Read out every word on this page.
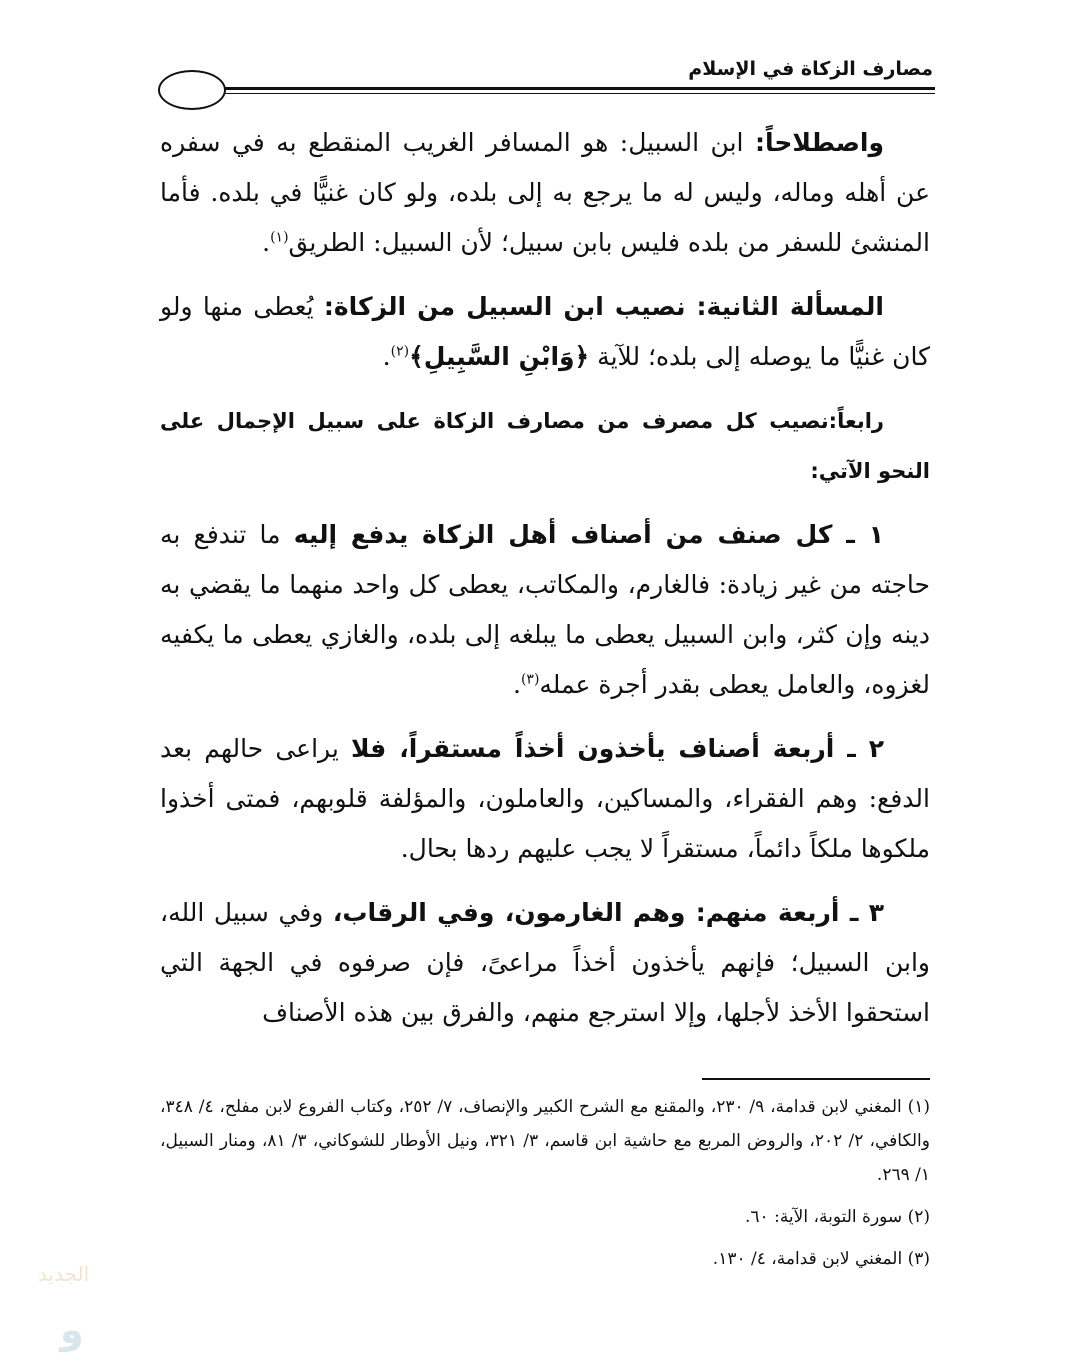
مصارف الزكاة في الإسلام

واصطلاحاً: ابن السبيل: هو المسافر الغريب المنقطع به في سفره عن أهله وماله، وليس له ما يرجع به إلى بلده، ولو كان غنيًّا في بلده. فأما المنشئ للسفر من بلده فليس بابن سبيل؛ لأن السبيل: الطريق$^{(١)}$.

المسألة الثانية: نصيب ابن السبيل من الزكاة: يُعطى منها ولو كان غنيًّا ما يوصله إلى بلده؛ للآية ﴿وَابْنِ السَّبِيلِ﴾$^{(٢)}$.

رابعاً:نصيب كل مصرف من مصارف الزكاة على سبيل الإجمال على النحو الآتي:

١ ـ كل صنف من أصناف أهل الزكاة يدفع إليه ما تندفع به حاجته من غير زيادة: فالغارم، والمكاتب، يعطى كل واحد منهما ما يقضي به دينه وإن كثر، وابن السبيل يعطى ما يبلغه إلى بلده، والغازي يعطى ما يكفيه لغزوه، والعامل يعطى بقدر أجرة عمله$^{(٣)}$.

٢ ـ أربعة أصناف يأخذون أخذاً مستقراً، فلا يراعى حالهم بعد الدفع: وهم الفقراء، والمساكين، والعاملون، والمؤلفة قلوبهم، فمتى أخذوا ملكوها ملكاً دائماً، مستقراً لا يجب عليهم ردها بحال.

٣ ـ أربعة منهم: وهم الغارمون، وفي الرقاب، وفي سبيل الله، وابن السبيل؛ فإنهم يأخذون أخذاً مراعىً، فإن صرفوه في الجهة التي استحقوا الأخذ لأجلها، وإلا استرجع منهم، والفرق بين هذه الأصناف

(١) المغني لابن قدامة، ٩/ ٢٣٠، والمقنع مع الشرح الكبير والإنصاف، ٧/ ٢٥٢، وكتاب الفروع لابن مفلح، ٤/ ٣٤٨، والكافي، ٢/ ٢٠٢، والروض المربع مع حاشية ابن قاسم، ٣/ ٣٢١، ونيل الأوطار للشوكاني، ٣/ ٨١، ومنار السبيل، ١/ ٢٦٩.

(٢) سورة التوبة، الآية: ٦٠.

(٣) المغني لابن قدامة، ٤/ ١٣٠.

الجديد
و
